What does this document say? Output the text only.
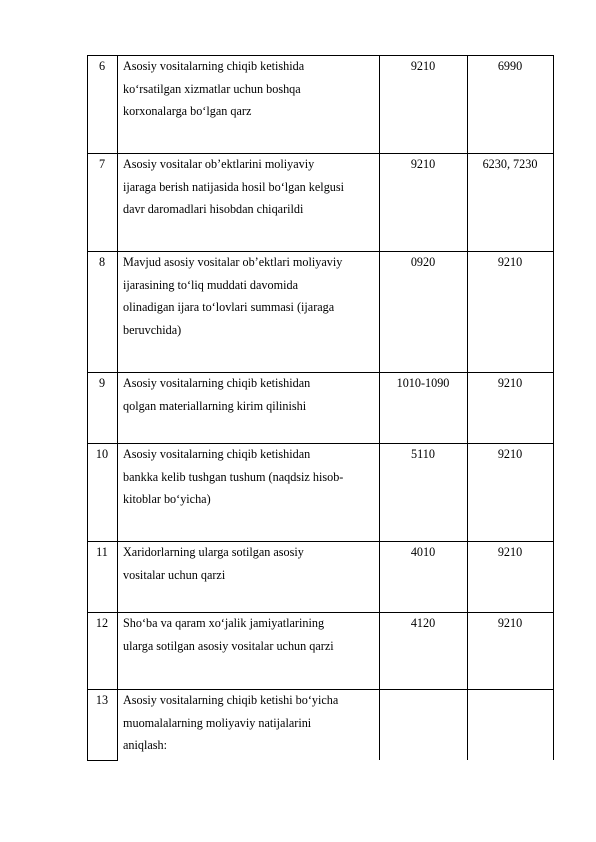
6	Asosiy vositalarning chiqib ketishida
ko‘rsatilgan xizmatlar uchun boshqa
korxonalarga bo‘lgan qarz
9210	6990
7	Asosiy vositalar ob’ektlarini moliyaviy
ijaraga berish natijasida hosil bo‘lgan kelgusi
davr daromadlari hisobdan chiqarildi
9210	6230, 7230
8	Mavjud asosiy vositalar ob’ektlari moliyaviy
ijarasining to‘liq muddati davomida
olinadigan ijara to‘lovlari summasi (ijaraga
beruvchida)
0920	9210
9	Asosiy vositalarning chiqib ketishidan
qolgan materiallarning kirim qilinishi
1010-1090	9210
10	Asosiy vositalarning chiqib ketishidan
bankka kelib tushgan tushum (naqdsiz hisob-
kitoblar bo‘yicha)
5110	9210
11	Xaridorlarning ularga sotilgan asosiy
vositalar uchun qarzi
4010	9210
12	Sho‘ba va qaram xo‘jalik jamiyatlarining
ularga sotilgan asosiy vositalar uchun qarzi
4120	9210
13	Asosiy vositalarning chiqib ketishi bo‘yicha
muomalalarning moliyaviy natijalarini
aniqlash:
